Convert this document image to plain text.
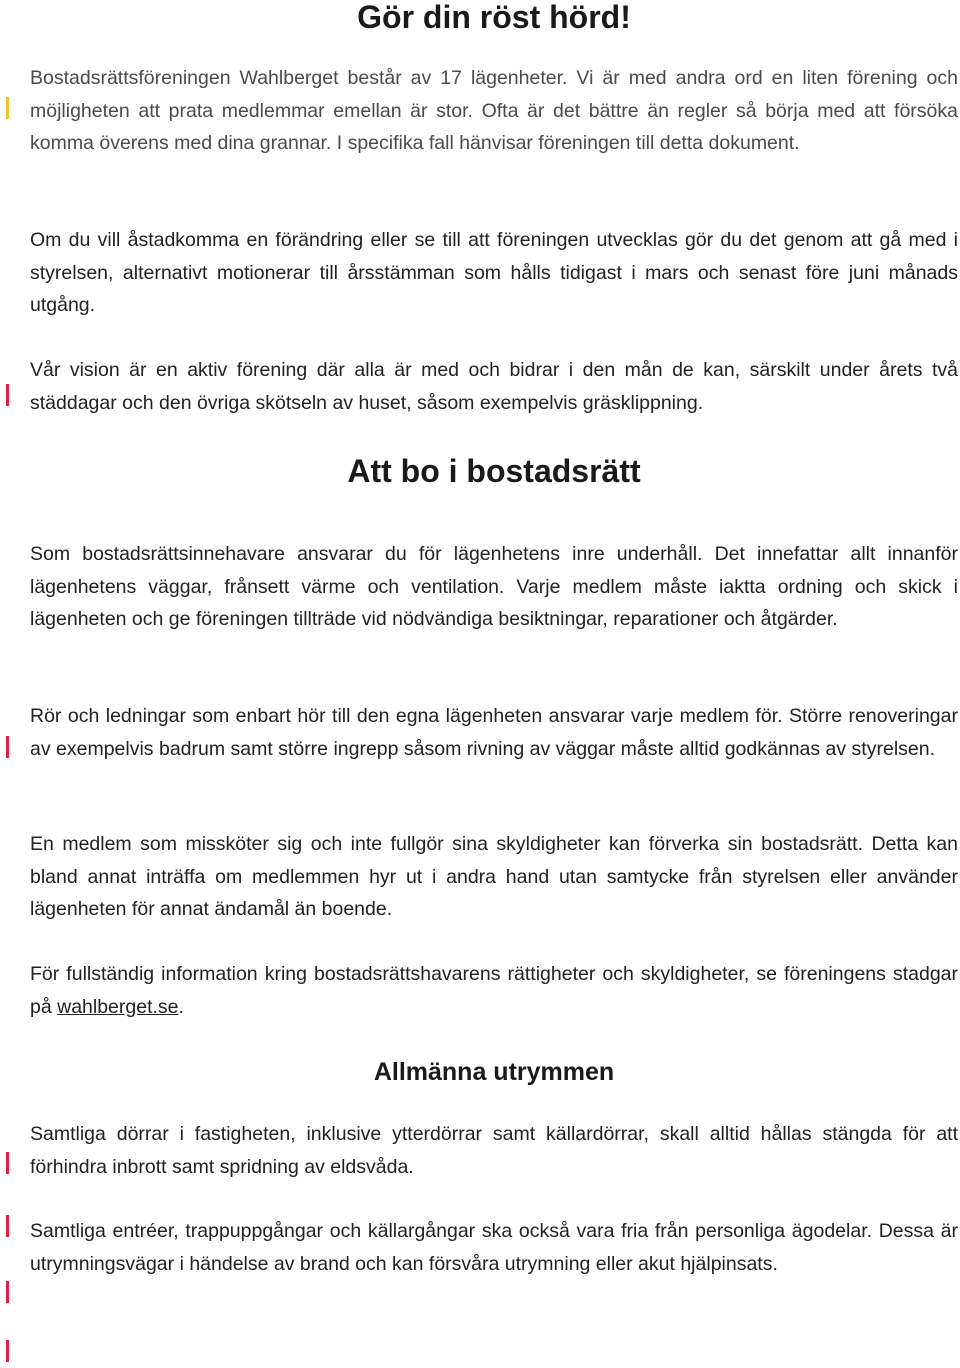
Gör din röst hörd!

Bostadsrättsföreningen Wahlberget består av 17 lägenheter. Vi är med andra ord en liten förening och möjligheten att prata medlemmar emellan är stor. Ofta är det bättre än regler så börja med att försöka komma överens med dina grannar. I specifika fall hänvisar föreningen till detta dokument.

Om du vill åstadkomma en förändring eller se till att föreningen utvecklas gör du det genom att gå med i styrelsen, alternativt motionerar till årsstämman som hålls tidigast i mars och senast före juni månads utgång.

Vår vision är en aktiv förening där alla är med och bidrar i den mån de kan, särskilt under årets två städdagar och den övriga skötseln av huset, såsom exempelvis gräsklippning.

Att bo i bostadsrätt

Som bostadsrättsinnehavare ansvarar du för lägenhetens inre underhåll. Det innefattar allt innanför lägenhetens väggar, frånsett värme och ventilation. Varje medlem måste iaktta ordning och skick i lägenheten och ge föreningen tillträde vid nödvändiga besiktningar, reparationer och åtgärder.

Rör och ledningar som enbart hör till den egna lägenheten ansvarar varje medlem för. Större renoveringar av exempelvis badrum samt större ingrepp såsom rivning av väggar måste alltid godkännas av styrelsen.

En medlem som missköter sig och inte fullgör sina skyldigheter kan förverka sin bostadsrätt. Detta kan bland annat inträffa om medlemmen hyr ut i andra hand utan samtycke från styrelsen eller använder lägenheten för annat ändamål än boende.

För fullständig information kring bostadsrättshavarens rättigheter och skyldigheter, se föreningens stadgar på wahlberget.se.

Allmänna utrymmen

Samtliga dörrar i fastigheten, inklusive ytterdörrar samt källardörrar, skall alltid hållas stängda för att förhindra inbrott samt spridning av eldsvåda.

Samtliga entréer, trappuppgångar och källargångar ska också vara fria från personliga ägodelar. Dessa är utrymningsvägar i händelse av brand och kan försvåra utrymning eller akut hjälpinsats.
